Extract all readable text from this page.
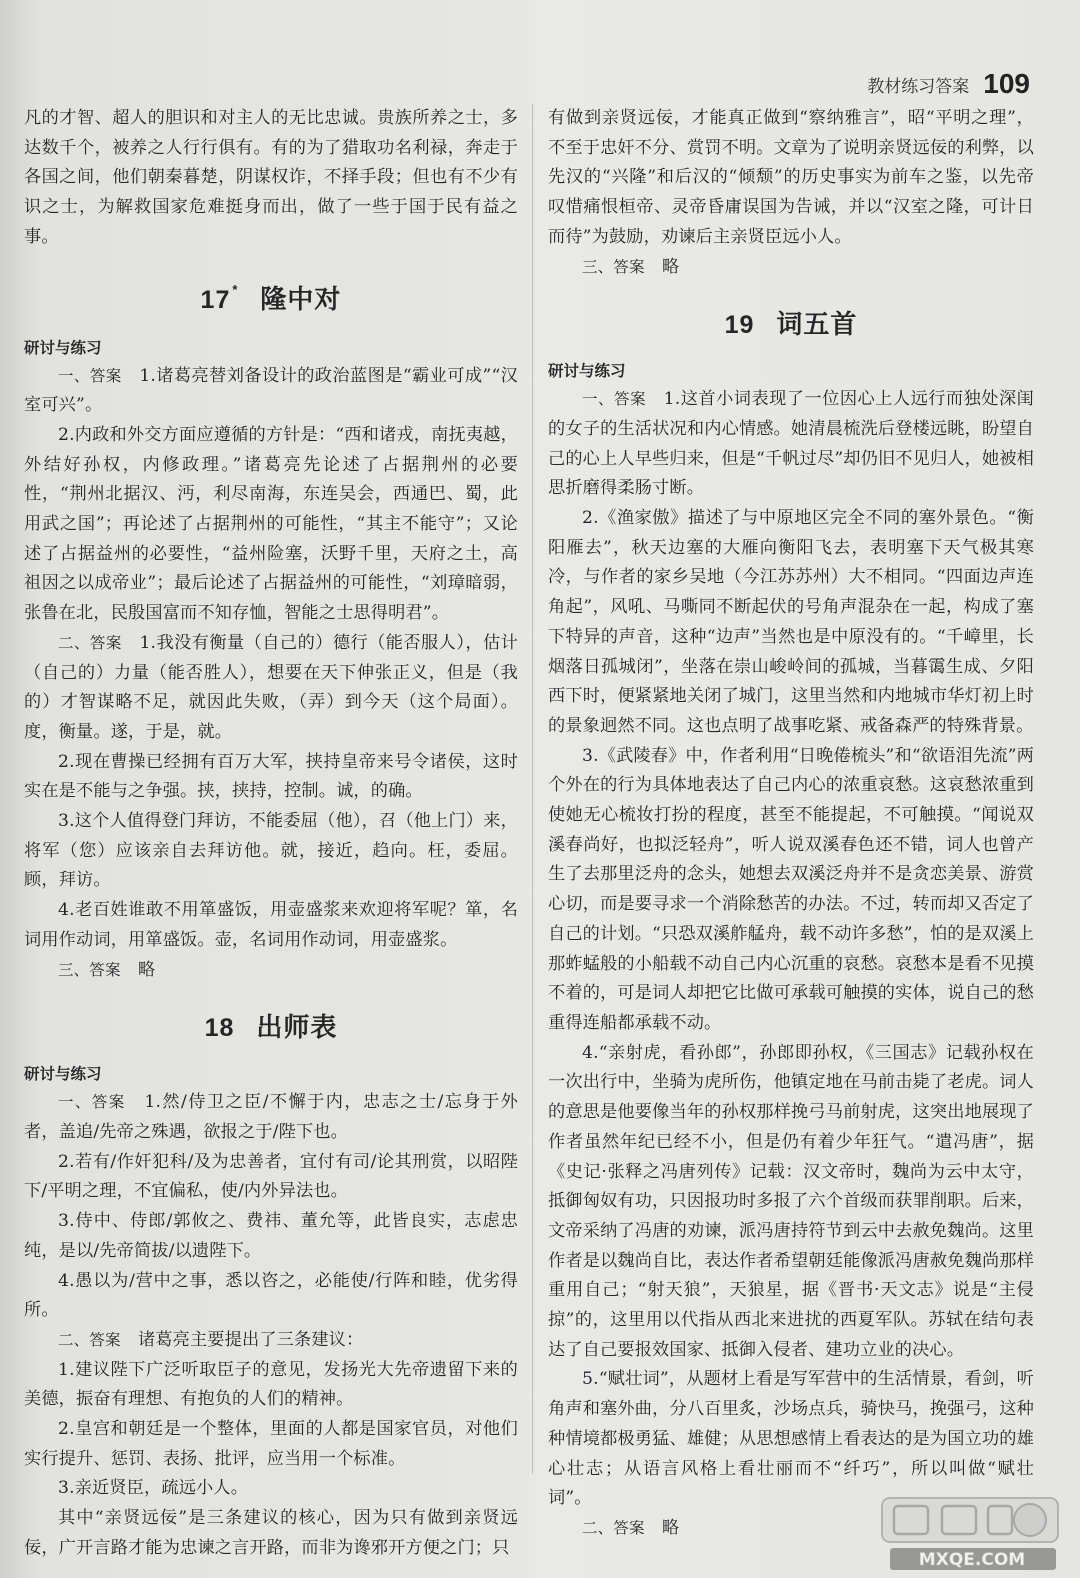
教材练习答案 109

凡的才智、超人的胆识和对主人的无比忠诚。贵族所养之士，多达数千个，被养之人行行俱有。有的为了猎取功名利禄，奔走于各国之间，他们朝秦暮楚，阴谋权诈，不择手段；但也有不少有识之士，为解救国家危难挺身而出，做了一些于国于民有益之事。

17 * 隆中对
研讨与练习

一、答案　 1.诸葛亮替刘备设计的政治蓝图是“霸业可成”“汉室可兴”。

2.内政和外交方面应遵循的方针是：“西和诸戎，南抚夷越，外结好孙权，内修政理。”诸葛亮先论述了占据荆州的必要性，“荆州北据汉、沔，利尽南海，东连吴会，西通巴、蜀，此用武之国”；再论述了占据荆州的可能性，“其主不能守”；又论述了占据益州的必要性，“益州险塞，沃野千里，天府之土，高祖因之以成帝业”；最后论述了占据益州的可能性，“刘璋暗弱，张鲁在北，民殷国富而不知存恤，智能之士思得明君”。

二、答案　 1.我没有衡量（自己的）德行（能否服人），估计（自己的）力量（能否胜人），想要在天下伸张正义，但是（我的）才智谋略不足，就因此失败，（弄）到今天（这个局面）。度，衡量。遂，于是，就。

2.现在曹操已经拥有百万大军，挟持皇帝来号令诸侯，这时实在是不能与之争强。挟，挟持，控制。诚，的确。

3.这个人值得登门拜访，不能委屈（他），召（他上门）来，将军（您）应该亲自去拜访他。就，接近，趋向。枉，委屈。顾，拜访。

4.老百姓谁敢不用箪盛饭，用壶盛浆来欢迎将军呢？箪，名词用作动词，用箪盛饭。壶，名词用作动词，用壶盛浆。

三、答案　 略

18 出师表
研讨与练习

一、答案　 1.然/侍卫之臣/不懈于内，忠志之士/忘身于外者，盖追/先帝之殊遇，欲报之于/陛下也。

2.若有/作奸犯科/及为忠善者，宜付有司/论其刑赏，以昭陛下/平明之理，不宜偏私，使/内外异法也。

3.侍中、侍郎/郭攸之、费祎、董允等，此皆良实，志虑忠纯，是以/先帝简拔/以遗陛下。

4.愚以为/营中之事，悉以咨之，必能使/行阵和睦，优劣得所。

二、答案　 诸葛亮主要提出了三条建议：

1.建议陛下广泛听取臣子的意见，发扬光大先帝遗留下来的美德，振奋有理想、有抱负的人们的精神。

2.皇宫和朝廷是一个整体，里面的人都是国家官员，对他们实行提升、惩罚、表扬、批评，应当用一个标准。

3.亲近贤臣，疏远小人。

其中“亲贤远佞”是三条建议的核心，因为只有做到亲贤远佞，广开言路才能为忠谏之言开路，而非为谗邪开方便之门；只

有做到亲贤远佞，才能真正做到“察纳雅言”，昭“平明之理”，不至于忠奸不分、赏罚不明。文章为了说明亲贤远佞的利弊，以先汉的“兴隆”和后汉的“倾颓”的历史事实为前车之鉴，以先帝叹惜痛恨桓帝、灵帝昏庸误国为告诫，并以“汉室之隆，可计日而待”为鼓励，劝谏后主亲贤臣远小人。

三、答案　 略

19 词五首
研讨与练习

一、答案　 1.这首小词表现了一位因心上人远行而独处深闺的女子的生活状况和内心情感。她清晨梳洗后登楼远眺，盼望自己的心上人早些归来，但是“千帆过尽”却仍旧不见归人，她被相思折磨得柔肠寸断。

2.《渔家傲》描述了与中原地区完全不同的塞外景色。“衡阳雁去”，秋天边塞的大雁向衡阳飞去，表明塞下天气极其寒冷，与作者的家乡吴地（今江苏苏州）大不相同。“四面边声连角起”，风吼、马嘶同不断起伏的号角声混杂在一起，构成了塞下特异的声音，这种“边声”当然也是中原没有的。“千嶂里，长烟落日孤城闭”，坐落在崇山峻岭间的孤城，当暮霭生成、夕阳西下时，便紧紧地关闭了城门，这里当然和内地城市华灯初上时的景象迥然不同。这也点明了战事吃紧、戒备森严的特殊背景。

3.《武陵春》中，作者利用“日晚倦梳头”和“欲语泪先流”两个外在的行为具体地表达了自己内心的浓重哀愁。这哀愁浓重到使她无心梳妆打扮的程度，甚至不能提起，不可触摸。“闻说双溪春尚好，也拟泛轻舟”，听人说双溪春色还不错，词人也曾产生了去那里泛舟的念头，她想去双溪泛舟并不是贪恋美景、游赏心切，而是要寻求一个消除愁苦的办法。不过，转而却又否定了自己的计划。“只恐双溪舴艋舟，载不动许多愁”，怕的是双溪上那蚱蜢般的小船载不动自己内心沉重的哀愁。哀愁本是看不见摸不着的，可是词人却把它比做可承载可触摸的实体，说自己的愁重得连船都承载不动。

4.“亲射虎，看孙郎”，孙郎即孙权，《三国志》记载孙权在一次出行中，坐骑为虎所伤，他镇定地在马前击毙了老虎。词人的意思是他要像当年的孙权那样挽弓马前射虎，这突出地展现了作者虽然年纪已经不小，但是仍有着少年狂气。“遣冯唐”，据《史记·张释之冯唐列传》记载：汉文帝时，魏尚为云中太守，抵御匈奴有功，只因报功时多报了六个首级而获罪削职。后来，文帝采纳了冯唐的劝谏，派冯唐持符节到云中去赦免魏尚。这里作者是以魏尚自比，表达作者希望朝廷能像派冯唐赦免魏尚那样重用自己；“射天狼”，天狼星，据《晋书·天文志》说是“主侵掠”的，这里用以代指从西北来进扰的西夏军队。苏轼在结句表达了自己要报效国家、抵御入侵者、建功立业的决心。

5.“赋壮词”，从题材上看是写军营中的生活情景，看剑，听角声和塞外曲，分八百里炙，沙场点兵，骑快马，挽强弓，这种种情境都极勇猛、雄健；从思想感情上看表达的是为国立功的雄心壮志；从语言风格上看壮丽而不“纤巧”，所以叫做“赋壮词”。

二、答案　 略

MXQE.COM
